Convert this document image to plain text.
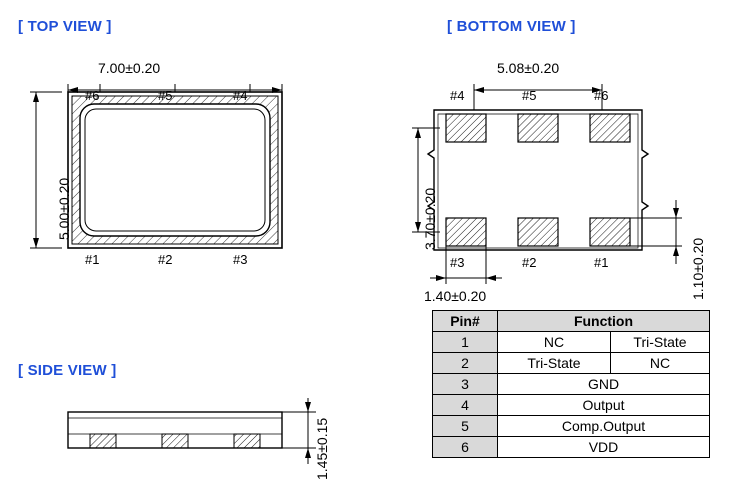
[ TOP VIEW ]
7.00±0.20
5.00±0.20
#6	#5	#4
#1	#2	#3
[ BOTTOM VIEW ]
5.08±0.20
3.70±0.20
1.10±0.20
1.40±0.20
#4	#5	#6
#3	#2	#1
[ SIDE VIEW ]
1.45±0.15
Pin#	Function	
1	NC	Tri-State
2	Tri-State	NC
3	GND	
4	Output	
5	Comp.Output	
6	VDD	
